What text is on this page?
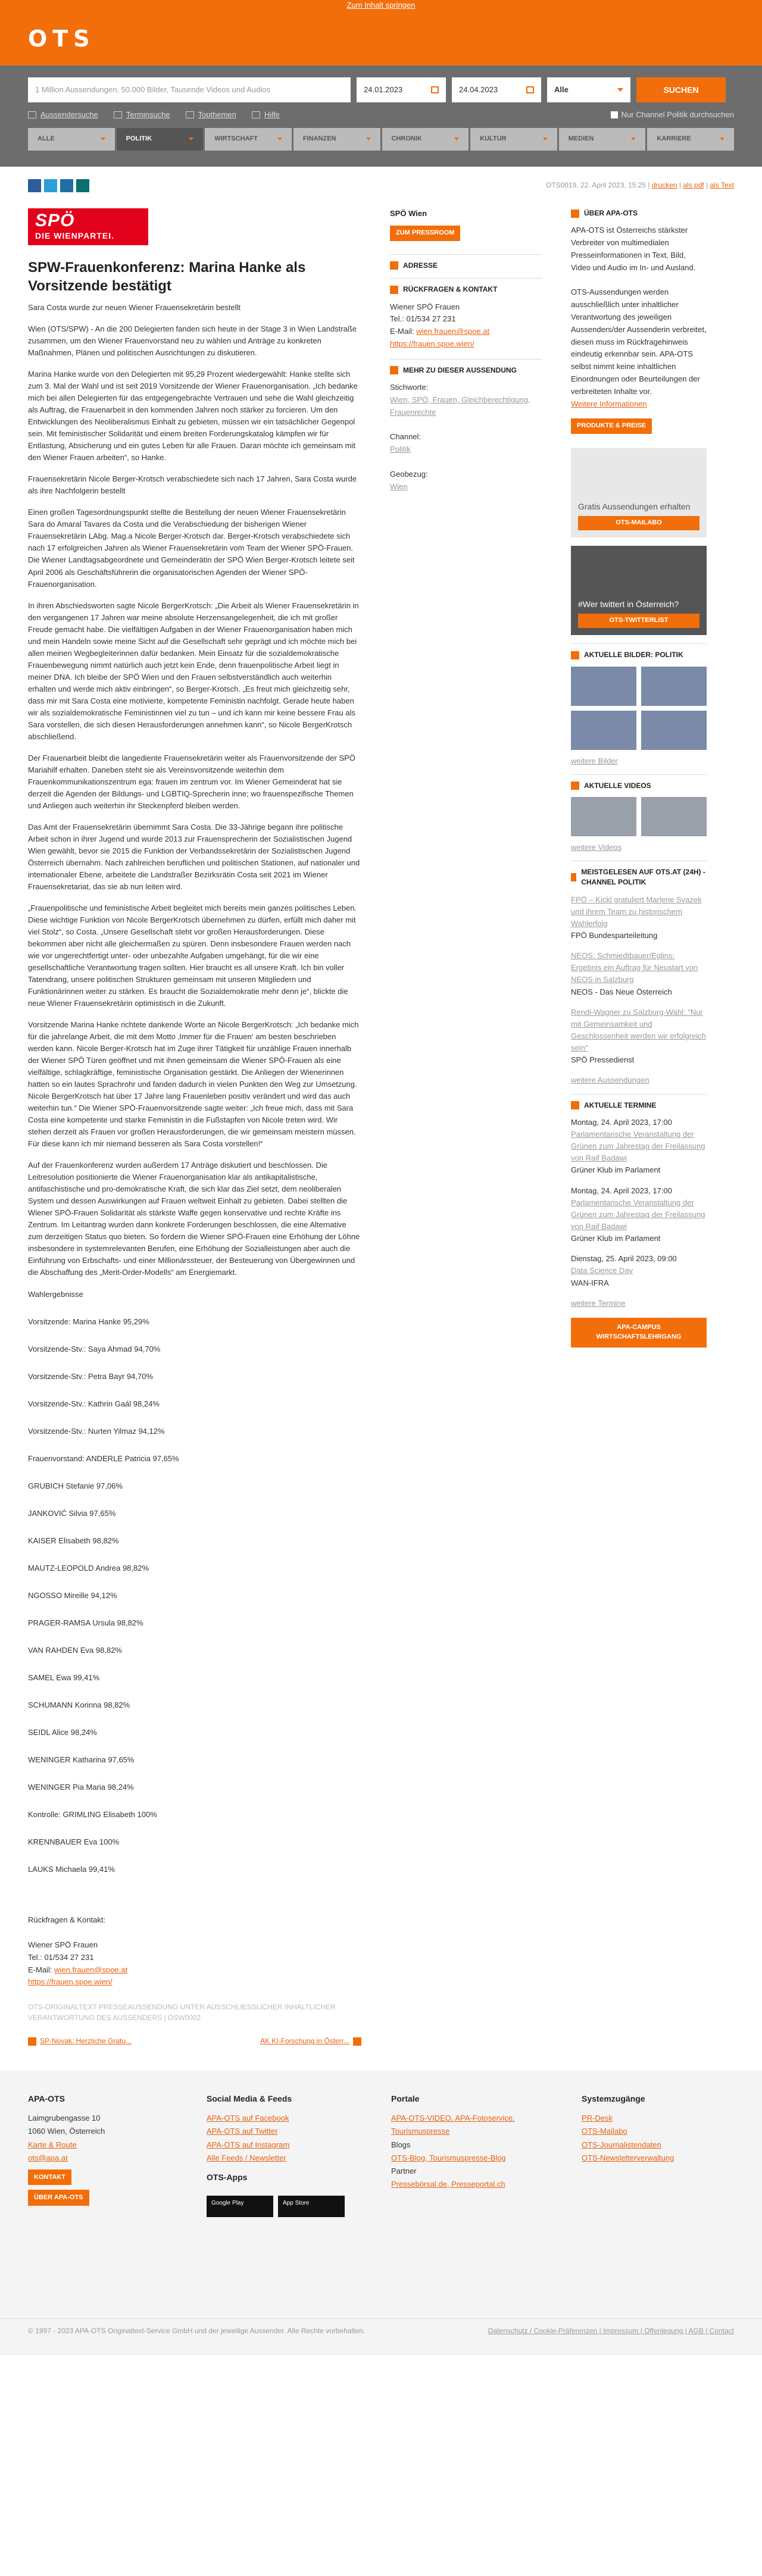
Zum Inhalt springen
OTS
1 Million Aussendungen, 50.000 Bilder, Tausende Videos und Audios	24.01.2023	24.04.2023	Alle	SUCHEN
Aussendersuche	Terminsuche	Topthemen	Hilfe	Nur Channel Politik durchsuchen
ALLE	POLITIK	WIRTSCHAFT	FINANZEN	CHRONIK	KULTUR	MEDIEN	KARRIERE
OTS0019, 22. April 2023, 15:25 | drucken | als pdf | als Text
SPÖ
DIE WIENPARTEI.
SPW-Frauenkonferenz: Marina Hanke als Vorsitzende bestätigt
Sara Costa wurde zur neuen Wiener Frauensekretärin bestellt
Wien (OTS/SPW) - An die 200 Delegierten fanden sich heute in der Stage 3 in Wien Landstraße zusammen, um den Wiener Frauenvorstand neu zu wählen und Anträge zu konkreten Maßnahmen, Plänen und politischen Ausrichtungen zu diskutieren.
Marina Hanke wurde von den Delegierten mit 95,29 Prozent wiedergewählt: Hanke stellte sich zum 3. Mal der Wahl und ist seit 2019 Vorsitzende der Wiener Frauenorganisation. „Ich bedanke mich bei allen Delegierten für das entgegengebrachte Vertrauen und sehe die Wahl gleichzeitig als Auftrag, die Frauenarbeit in den kommenden Jahren noch stärker zu forcieren. Um den Entwicklungen des Neoliberalismus Einhalt zu gebieten, müssen wir ein tatsächlicher Gegenpol sein. Mit feministischer Solidarität und einem breiten Forderungskatalog kämpfen wir für Entlastung, Absicherung und ein gutes Leben für alle Frauen. Daran möchte ich gemeinsam mit den Wiener Frauen arbeiten“, so Hanke.
Frauensekretärin Nicole Berger-Krotsch verabschiedete sich nach 17 Jahren, Sara Costa wurde als ihre Nachfolgerin bestellt
Einen großen Tagesordnungspunkt stellte die Bestellung der neuen Wiener Frauensekretärin Sara do Amaral Tavares da Costa und die Verabschiedung der bisherigen Wiener Frauensekretärin LAbg. Mag.a Nicole Berger-Krotsch dar. Berger-Krotsch verabschiedete sich nach 17 erfolgreichen Jahren als Wiener Frauensekretärin vom Team der Wiener SPÖ-Frauen. Die Wiener Landtagsabgeordnete und Gemeinderätin der SPÖ Wien Berger-Krotsch leitete seit April 2006 als Geschäftsführerin die organisatorischen Agenden der Wiener SPÖ-Frauenorganisation.
In ihren Abschiedsworten sagte Nicole BergerKrotsch: „Die Arbeit als Wiener Frauensekretärin in den vergangenen 17 Jahren war meine absolute Herzensangelegenheit, die ich mit großer Freude gemacht habe. Die vielfältigen Aufgaben in der Wiener Frauenorganisation haben mich und mein Handeln sowie meine Sicht auf die Gesellschaft sehr geprägt und ich möchte mich bei allen meinen Wegbegleiterinnen dafür bedanken. Mein Einsatz für die sozialdemokratische Frauenbewegung nimmt natürlich auch jetzt kein Ende, denn frauenpolitische Arbeit liegt in meiner DNA. Ich bleibe der SPÖ Wien und den Frauen selbstverständlich auch weiterhin erhalten und werde mich aktiv einbringen“, so Berger-Krotsch. „Es freut mich gleichzeitig sehr, dass mir mit Sara Costa eine motivierte, kompetente Feministin nachfolgt. Gerade heute haben wir als sozialdemokratische Feministinnen viel zu tun – und ich kann mir keine bessere Frau als Sara vorstellen, die sich diesen Herausforderungen annehmen kann“, so Nicole BergerKrotsch abschließend.
Der Frauenarbeit bleibt die langediente Frauensekretärin weiter als Frauenvorsitzende der SPÖ Mariahilf erhalten. Daneben steht sie als Vereinsvorsitzende weiterhin dem Frauenkommunikationszentrum ega: frauen im zentrum vor. Im Wiener Gemeinderat hat sie derzeit die Agenden der Bildungs- und LGBTIQ-Sprecherin inne; wo frauenspezifische Themen und Anliegen auch weiterhin ihr Steckenpferd bleiben werden.
Das Amt der Frauensekretärin übernimmt Sara Costa. Die 33-Jährige begann ihre politische Arbeit schon in ihrer Jugend und wurde 2013 zur Frauensprecherin der Sozialistischen Jugend Wien gewählt, bevor sie 2015 die Funktion der Verbandssekretärin der Sozialistischen Jugend Österreich übernahm. Nach zahlreichen beruflichen und politischen Stationen, auf nationaler und internationaler Ebene, arbeitete die Landstraßer Bezirksrätin Costa seit 2021 im Wiener Frauensekretariat, das sie ab nun leiten wird.
„Frauenpolitische und feministische Arbeit begleitet mich bereits mein ganzes politisches Leben. Diese wichtige Funktion von Nicole BergerKrotsch übernehmen zu dürfen, erfüllt mich daher mit viel Stolz“, so Costa. „Unsere Gesellschaft steht vor großen Herausforderungen. Diese bekommen aber nicht alle gleichermaßen zu spüren. Denn insbesondere Frauen werden nach wie vor ungerechtfertigt unter- oder unbezahlte Aufgaben umgehängt, für die wir eine gesellschaftliche Verantwortung tragen sollten. Hier braucht es all unsere Kraft. Ich bin voller Tatendrang, unsere politischen Strukturen gemeinsam mit unseren Mitgliedern und Funktionärinnen weiter zu stärken. Es braucht die Sozialdemokratie mehr denn je“, blickte die neue Wiener Frauensekretärin optimistisch in die Zukunft.
Vorsitzende Marina Hanke richtete dankende Worte an Nicole BergerKrotsch: „Ich bedanke mich für die jahrelange Arbeit, die mit dem Motto ‚Immer für die Frauen‘ am besten beschrieben werden kann. Nicole Berger-Krotsch hat im Zuge ihrer Tätigkeit für unzählige Frauen innerhalb der Wiener SPÖ Türen geöffnet und mit ihnen gemeinsam die Wiener SPÖ-Frauen als eine vielfältige, schlagkräftige, feministische Organisation gestärkt. Die Anliegen der Wienerinnen hatten so ein lautes Sprachrohr und fanden dadurch in vielen Punkten den Weg zur Umsetzung. Nicole BergerKrotsch hat über 17 Jahre lang Frauenleben positiv verändert und wird das auch weiterhin tun.“ Die Wiener SPÖ-Frauenvorsitzende sagte weiter: „Ich freue mich, dass mit Sara Costa eine kompetente und starke Feministin in die Fußstapfen von Nicole treten wird. Wir stehen derzeit als Frauen vor großen Herausforderungen, die wir gemeinsam meistern müssen. Für diese kann ich mir niemand besseren als Sara Costa vorstellen!“
Auf der Frauenkonferenz wurden außerdem 17 Anträge diskutiert und beschlossen. Die Leitresolution positionierte die Wiener Frauenorganisation klar als antikapitalistische, antifaschistische und pro-demokratische Kraft, die sich klar das Ziel setzt, dem neoliberalen System und dessen Auswirkungen auf Frauen weltweit Einhalt zu gebieten. Dabei stellten die Wiener SPÖ-Frauen Solidarität als stärkste Waffe gegen konservative und rechte Kräfte ins Zentrum. Im Leitantrag wurden dann konkrete Forderungen beschlossen, die eine Alternative zum derzeitigen Status quo bieten. So fordern die Wiener SPÖ-Frauen eine Erhöhung der Löhne insbesondere in systemrelevanten Berufen, eine Erhöhung der Sozialleistungen aber auch die Einführung von Erbschafts- und einer Millionärssteuer, der Besteuerung von Übergewinnen und die Abschaffung des „Merit-Order-Modells“ am Energiemarkt.
Wahlergebnisse
Vorsitzende: Marina Hanke 95,29%
Vorsitzende-Stv.: Saya Ahmad 94,70%
Vorsitzende-Stv.: Petra Bayr 94,70%
Vorsitzende-Stv.: Kathrin Gaál 98,24%
Vorsitzende-Stv.: Nurten Yilmaz 94,12%
Frauenvorstand: ANDERLE Patricia 97,65%
GRUBICH Stefanie 97,06%
JANKOVIĆ Silvia 97,65%
KAISER Elisabeth 98,82%
MAUTZ-LEOPOLD Andrea 98,82%
NGOSSO Mireille 94,12%
PRAGER-RAMSA Ursula 98,82%
VAN RAHDEN Eva 98,82%
SAMEL Ewa 99,41%
SCHUMANN Korinna 98,82%
SEIDL Alice 98,24%
WENINGER Katharina 97,65%
WENINGER Pia Maria 98,24%
Kontrolle: GRIMLING Elisabeth 100%
KRENNBAUER Eva 100%
LAUKS Michaela 99,41%
Rückfragen & Kontakt:

Wiener SPÖ Frauen
Tel.: 01/534 27 231
E-Mail: wien.frauen@spoe.at
https://frauen.spoe.wien/
OTS-ORIGINALTEXT PRESSEAUSSENDUNG UNTER AUSSCHLIESSLICHER INHALTLICHER VERANTWORTUNG DES AUSSENDERS | OSW0002
SP-Novak: Herzliche Gratu...	AK KI-Forschung in Österr...
SPÖ Wien
ZUM PRESSROOM
ADRESSE
RÜCKFRAGEN & KONTAKT
Wiener SPÖ Frauen
Tel.: 01/534 27 231
E-Mail: wien.frauen@spoe.at
https://frauen.spoe.wien/
MEHR ZU DIESER AUSSENDUNG
Stichworte:
Wien, SPÖ, Frauen, Gleichberechtigung, Frauenrechte

Channel:
Politik

Geobezug:
Wien
ÜBER APA-OTS
APA-OTS ist Österreichs stärkster Verbreiter von multimedialen Presseinformationen in Text, Bild, Video und Audio im In- und Ausland.

OTS-Aussendungen werden ausschließlich unter inhaltlicher Verantwortung des jeweiligen Aussenders/der Aussenderin verbreitet, diesen muss im Rückfragehinweis eindeutig erkennbar sein. APA-OTS selbst nimmt keine inhaltlichen Einordnungen oder Beurteilungen der verbreiteten Inhalte vor.
Weitere Informationen
PRODUKTE & PREISE
Gratis Aussendungen erhalten
OTS-MAILABO
#Wer twittert in Österreich?
OTS-TWITTERLIST
AKTUELLE BILDER: POLITIK
weitere Bilder
AKTUELLE VIDEOS
weitere Videos
MEISTGELESEN AUF OTS.AT (24H) - CHANNEL POLITIK
FPÖ – Kickl gratuliert Marlene Svazek und ihrem Team zu historischem Wahlerfolg
FPÖ Bundesparteileitung
NEOS: Schmiedtbauer/Eglins: Ergebnis ein Auftrag für Neustart von NEOS in Salzburg
NEOS - Das Neue Österreich
Rendi-Wagner zu Salzburg-Wahl: "Nur mit Gemeinsamkeit und Geschlossenheit werden wir erfolgreich sein"
SPÖ Pressedienst
weitere Aussendungen
AKTUELLE TERMINE
Montag, 24. April 2023, 17:00
Parlamentarische Veranstaltung der Grünen zum Jahrestag der Freilassung von Raif Badawi
Grüner Klub im Parlament
Montag, 24. April 2023, 17:00
Parlamentarische Veranstaltung der Grünen zum Jahrestag der Freilassung von Raif Badawi
Grüner Klub im Parlament
Dienstag, 25. April 2023, 09:00
Data Science Day
WAN-IFRA
weitere Termine
APA-CAMPUS WIRTSCHAFTSLEHRGANG
APA-OTS
Laimgrubengasse 10
1060 Wien, Österreich
Karte & Route
ots@apa.at
KONTAKT
ÜBER APA-OTS
Social Media & Feeds
APA-OTS auf Facebook
APA-OTS auf Twitter
APA-OTS auf Instagram
Alle Feeds / Newsletter
OTS-Apps
Google Play	App Store
Portale
APA-OTS-VIDEO, APA-Fotoservice, Tourismuspresse
Blogs
OTS-Blog, Tourismuspresse-Blog
Partner
Pressebörsal.de, Presseportal.ch
Systemzugänge
PR-Desk
OTS-Mailabo
OTS-Journalistendaten
OTS-Newsletterverwaltung
© 1997 - 2023 APA-OTS Originaltext-Service GmbH und der jeweilige Aussender. Alle Rechte vorbehalten.	Datenschutz / Cookie-Präferenzen | Impressum | Offenlegung | AGB | Contact
